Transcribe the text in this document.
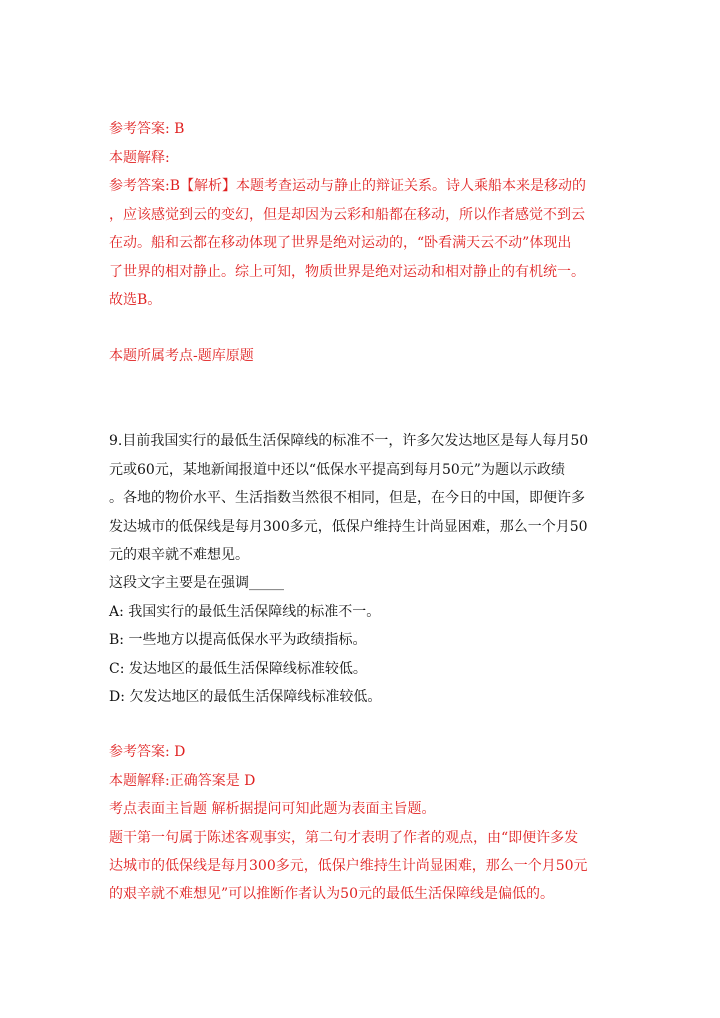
参考答案: B
本题解释:
参考答案:B【解析】本题考查运动与静止的辩证关系。诗人乘船本来是移动的
，应该感觉到云的变幻，但是却因为云彩和船都在移动，所以作者感觉不到云
在动。船和云都在移动体现了世界是绝对运动的，“卧看满天云不动”体现出
了世界的相对静止。综上可知，物质世界是绝对运动和相对静止的有机统一。
故选B。
本题所属考点-题库原题
9.目前我国实行的最低生活保障线的标准不一，许多欠发达地区是每人每月50
元或60元，某地新闻报道中还以“低保水平提高到每月50元”为题以示政绩
。各地的物价水平、生活指数当然很不相同，但是，在今日的中国，即便许多
发达城市的低保线是每月300多元，低保户维持生计尚显困难，那么一个月50
元的艰辛就不难想见。
这段文字主要是在强调_____
A: 我国实行的最低生活保障线的标准不一。
B: 一些地方以提高低保水平为政绩指标。
C: 发达地区的最低生活保障线标准较低。
D: 欠发达地区的最低生活保障线标准较低。
参考答案: D
本题解释:正确答案是 D
考点表面主旨题 解析据提问可知此题为表面主旨题。
题干第一句属于陈述客观事实，第二句才表明了作者的观点，由“即便许多发
达城市的低保线是每月300多元，低保户维持生计尚显困难，那么一个月50元
的艰辛就不难想见”可以推断作者认为50元的最低生活保障线是偏低的。
